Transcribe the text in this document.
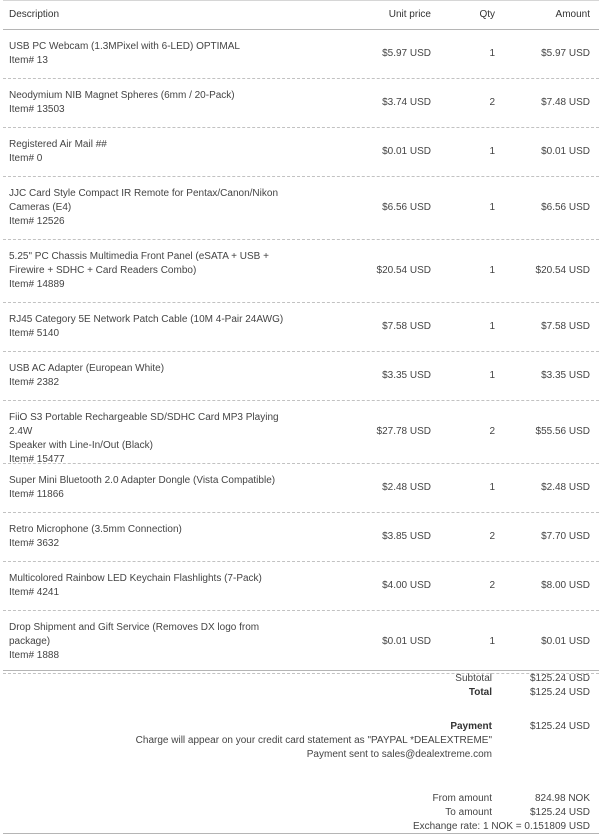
Description	Unit price	Qty	Amount
USB PC Webcam (1.3MPixel with 6-LED) OPTIMAL
Item# 13
$5.97 USD	1	$5.97 USD
Neodymium NIB Magnet Spheres (6mm / 20-Pack)
Item# 13503
$3.74 USD	2	$7.48 USD
Registered Air Mail ##
Item# 0
$0.01 USD	1	$0.01 USD
JJC Card Style Compact IR Remote for Pentax/Canon/Nikon
Cameras (E4)
Item# 12526
$6.56 USD	1	$6.56 USD
5.25" PC Chassis Multimedia Front Panel (eSATA + USB +
Firewire + SDHC + Card Readers Combo)
Item# 14889
$20.54 USD	1	$20.54 USD
RJ45 Category 5E Network Patch Cable (10M 4-Pair 24AWG)
Item# 5140
$7.58 USD	1	$7.58 USD
USB AC Adapter (European White)
Item# 2382
$3.35 USD	1	$3.35 USD
FiiO S3 Portable Rechargeable SD/SDHC Card MP3 Playing 2.4W
Speaker with Line-In/Out (Black)
Item# 15477
$27.78 USD	2	$55.56 USD
Super Mini Bluetooth 2.0 Adapter Dongle (Vista Compatible)
Item# 11866
$2.48 USD	1	$2.48 USD
Retro Microphone (3.5mm Connection)
Item# 3632
$3.85 USD	2	$7.70 USD
Multicolored Rainbow LED Keychain Flashlights (7-Pack)
Item# 4241
$4.00 USD	2	$8.00 USD
Drop Shipment and Gift Service (Removes DX logo from
package)
Item# 1888
$0.01 USD	1	$0.01 USD
Subtotal	$125.24 USD
Total	$125.24 USD
Payment	$125.24 USD
Charge will appear on your credit card statement as "PAYPAL *DEALEXTREME"
Payment sent to sales@dealextreme.com
From amount	824.98 NOK
To amount	$125.24 USD
Exchange rate: 1 NOK = 0.151809 USD
